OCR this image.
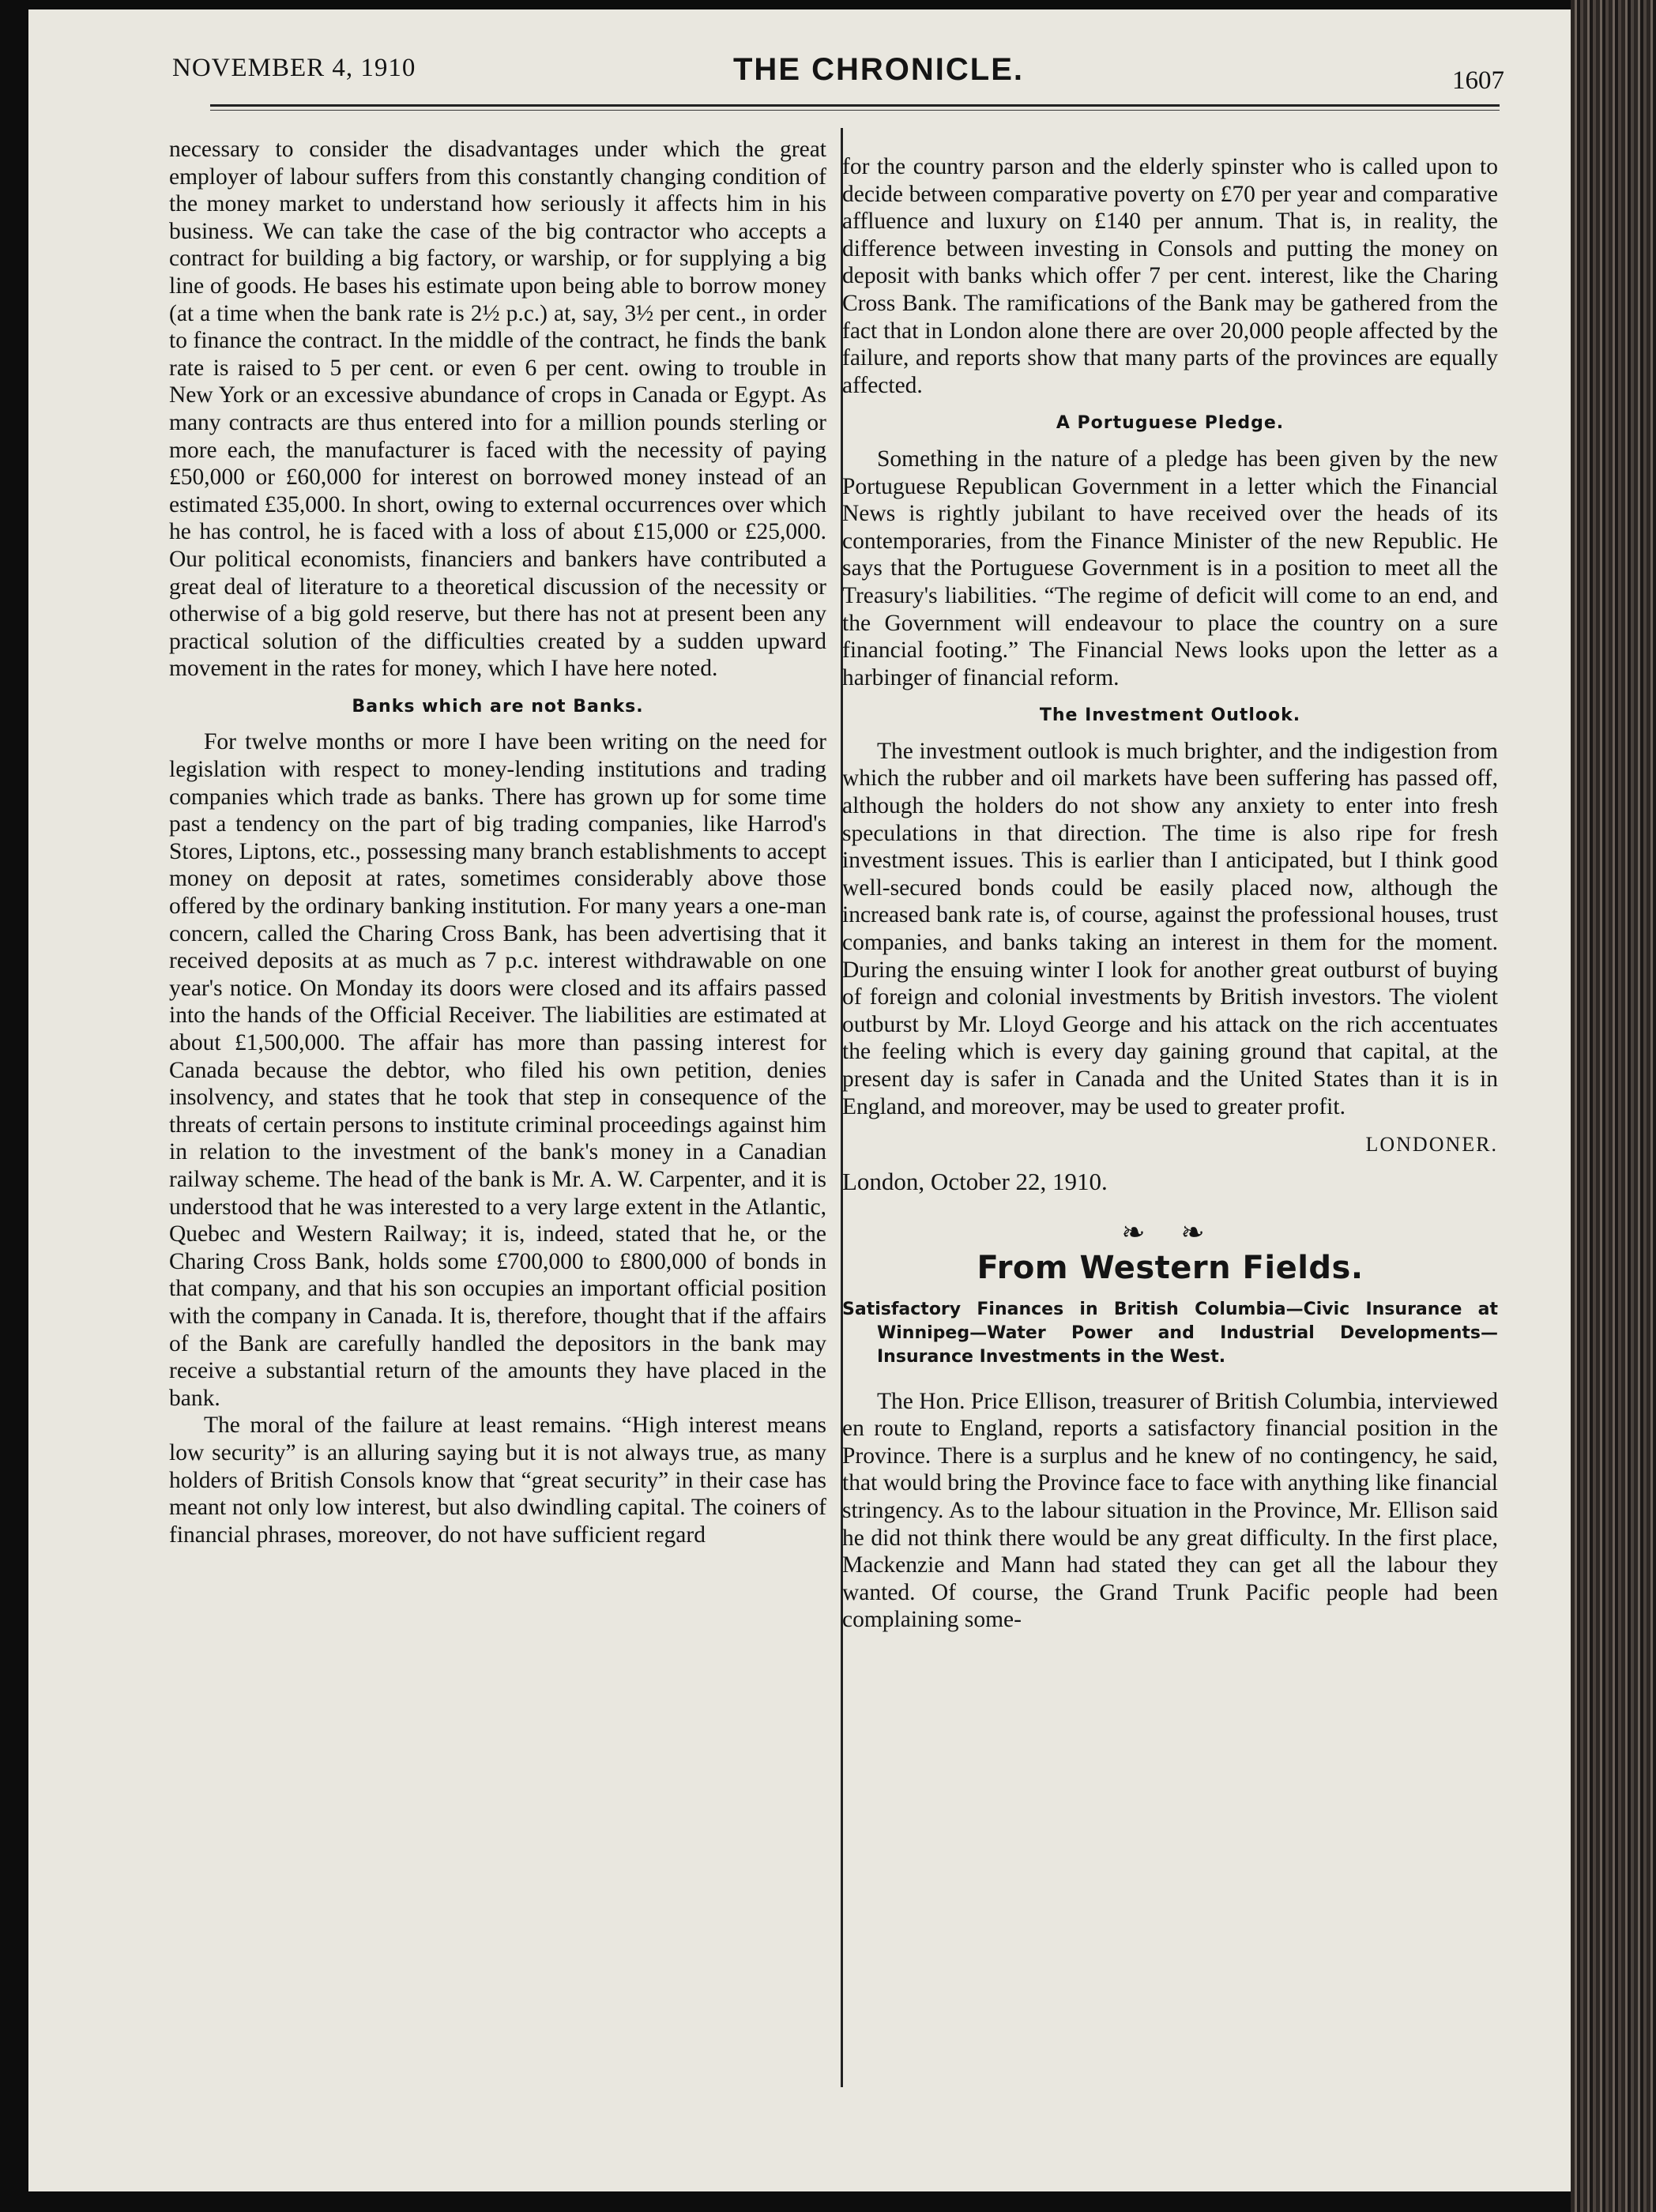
NOVEMBER 4, 1910	THE CHRONICLE.	1607

necessary to consider the disadvantages under which the great employer of labour suffers from this constantly changing condition of the money market to understand how seriously it affects him in his business. We can take the case of the big contractor who accepts a contract for building a big factory, or warship, or for supplying a big line of goods. He bases his estimate upon being able to borrow money (at a time when the bank rate is 2½ p.c.) at, say, 3½ per cent., in order to finance the contract. In the middle of the contract, he finds the bank rate is raised to 5 per cent. or even 6 per cent. owing to trouble in New York or an excessive abundance of crops in Canada or Egypt. As many contracts are thus entered into for a million pounds sterling or more each, the manufacturer is faced with the necessity of paying £50,000 or £60,000 for interest on borrowed money instead of an estimated £35,000. In short, owing to external occurrences over which he has control, he is faced with a loss of about £15,000 or £25,000. Our political economists, financiers and bankers have contributed a great deal of literature to a theoretical discussion of the necessity or otherwise of a big gold reserve, but there has not at present been any practical solution of the difficulties created by a sudden upward movement in the rates for money, which I have here noted.

Banks which are not Banks.

For twelve months or more I have been writing on the need for legislation with respect to money-lending institutions and trading companies which trade as banks. There has grown up for some time past a tendency on the part of big trading companies, like Harrod's Stores, Liptons, etc., possessing many branch establishments to accept money on deposit at rates, sometimes considerably above those offered by the ordinary banking institution. For many years a one-man concern, called the Charing Cross Bank, has been advertising that it received deposits at as much as 7 p.c. interest withdrawable on one year's notice. On Monday its doors were closed and its affairs passed into the hands of the Official Receiver. The liabilities are estimated at about £1,500,000. The affair has more than passing interest for Canada because the debtor, who filed his own petition, denies insolvency, and states that he took that step in consequence of the threats of certain persons to institute criminal proceedings against him in relation to the investment of the bank's money in a Canadian railway scheme. The head of the bank is Mr. A. W. Carpenter, and it is understood that he was interested to a very large extent in the Atlantic, Quebec and Western Railway; it is, indeed, stated that he, or the Charing Cross Bank, holds some £700,000 to £800,000 of bonds in that company, and that his son occupies an important official position with the company in Canada. It is, therefore, thought that if the affairs of the Bank are carefully handled the depositors in the bank may receive a substantial return of the amounts they have placed in the bank.

The moral of the failure at least remains. “High interest means low security” is an alluring saying but it is not always true, as many holders of British Consols know that “great security” in their case has meant not only low interest, but also dwindling capital. The coiners of financial phrases, moreover, do not have sufficient regard

for the country parson and the elderly spinster who is called upon to decide between comparative poverty on £70 per year and comparative affluence and luxury on £140 per annum. That is, in reality, the difference between investing in Consols and putting the money on deposit with banks which offer 7 per cent. interest, like the Charing Cross Bank. The ramifications of the Bank may be gathered from the fact that in London alone there are over 20,000 people affected by the failure, and reports show that many parts of the provinces are equally affected.

A Portuguese Pledge.

Something in the nature of a pledge has been given by the new Portuguese Republican Government in a letter which the Financial News is rightly jubilant to have received over the heads of its contemporaries, from the Finance Minister of the new Republic. He says that the Portuguese Government is in a position to meet all the Treasury's liabilities. “The regime of deficit will come to an end, and the Government will endeavour to place the country on a sure financial footing.” The Financial News looks upon the letter as a harbinger of financial reform.

The Investment Outlook.

The investment outlook is much brighter, and the indigestion from which the rubber and oil markets have been suffering has passed off, although the holders do not show any anxiety to enter into fresh speculations in that direction. The time is also ripe for fresh investment issues. This is earlier than I anticipated, but I think good well-secured bonds could be easily placed now, although the increased bank rate is, of course, against the professional houses, trust companies, and banks taking an interest in them for the moment. During the ensuing winter I look for another great outburst of buying of foreign and colonial investments by British investors. The violent outburst by Mr. Lloyd George and his attack on the rich accentuates the feeling which is every day gaining ground that capital, at the present day is safer in Canada and the United States than it is in England, and moreover, may be used to greater profit.

LONDONER.
London, October 22, 1910.
❧ ❧
From Western Fields.
Satisfactory Finances in British Columbia—Civic Insurance at Winnipeg—Water Power and Industrial Developments—Insurance Investments in the West.

The Hon. Price Ellison, treasurer of British Columbia, interviewed en route to England, reports a satisfactory financial position in the Province. There is a surplus and he knew of no contingency, he said, that would bring the Province face to face with anything like financial stringency. As to the labour situation in the Province, Mr. Ellison said he did not think there would be any great difficulty. In the first place, Mackenzie and Mann had stated they can get all the labour they wanted. Of course, the Grand Trunk Pacific people had been complaining some-
